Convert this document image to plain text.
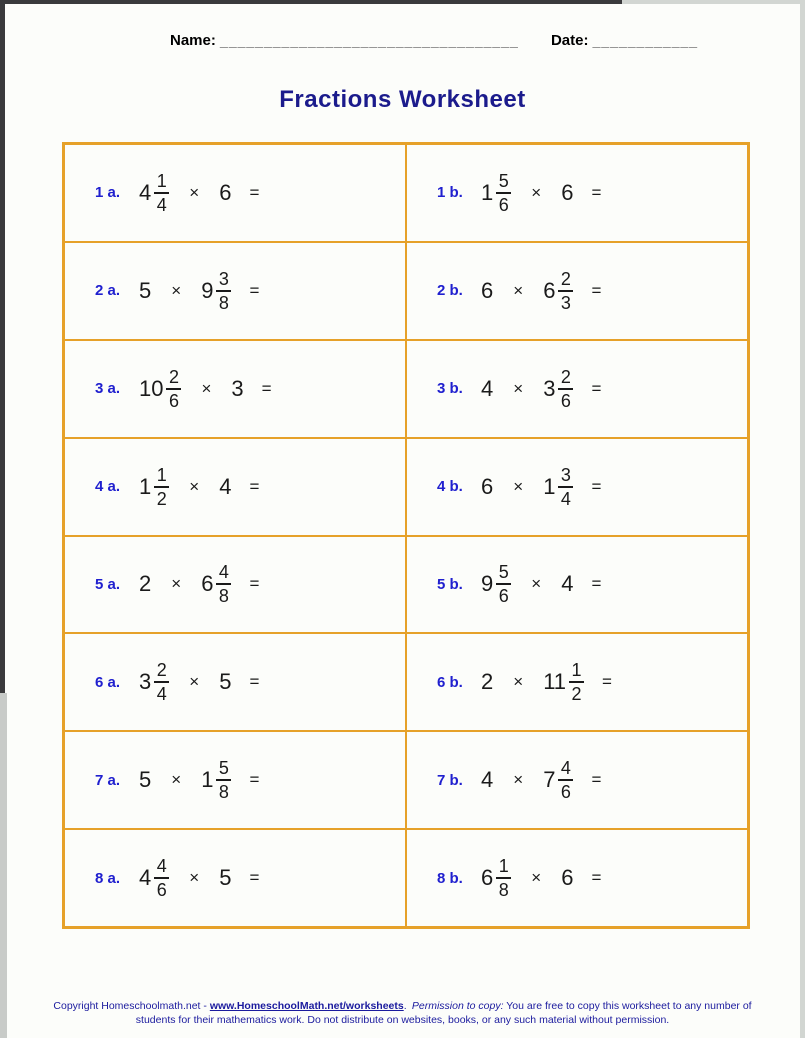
Name: __________________________________ Date: ____________
Fractions Worksheet
1 a. $4 \frac{1}{4} \times 6$ =	1 b. $1 \frac{5}{6} \times 6$ =
2 a. $5 \times 9 \frac{3}{8}$ =	2 b. $6 \times 6 \frac{2}{3}$ =
3 a. $10 \frac{2}{6} \times 3$ =	3 b. $4 \times 3 \frac{2}{6}$ =
4 a. $1 \frac{1}{2} \times 4$ =	4 b. $6 \times 1 \frac{3}{4}$ =
5 a. $2 \times 6 \frac{4}{8}$ =	5 b. $9 \frac{5}{6} \times 4$ =
6 a. $3 \frac{2}{4} \times 5$ =	6 b. $2 \times 11 \frac{1}{2}$ =
7 a. $5 \times 1 \frac{5}{8}$ =	7 b. $4 \times 7 \frac{4}{6}$ =
8 a. $4 \frac{4}{6} \times 5$ =	8 b. $6 \frac{1}{8} \times 6$ =
Copyright Homeschoolmath.net - www.HomeschoolMath.net/worksheets. Permission to copy: You are free to copy this worksheet to any number of students for their mathematics work. Do not distribute on websites, books, or any such material without permission.
